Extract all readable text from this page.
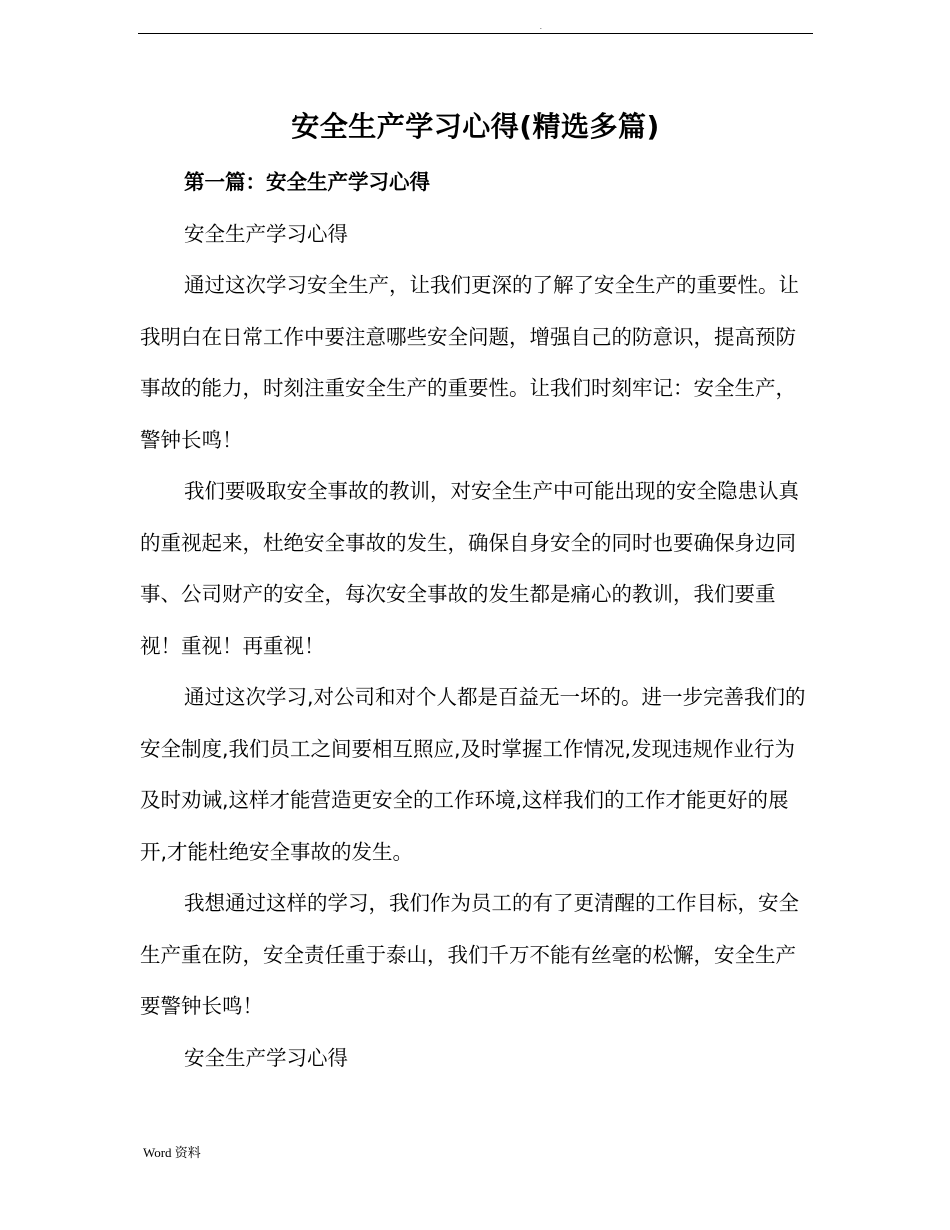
.
安全生产学习心得(精选多篇)

第一篇：安全生产学习心得

安全生产学习心得

通过这次学习安全生产，让我们更深的了解了安全生产的重要性。让我明白在日常工作中要注意哪些安全问题，增强自己的防意识，提高预防事故的能力，时刻注重安全生产的重要性。让我们时刻牢记：安全生产，警钟长鸣！

我们要吸取安全事故的教训，对安全生产中可能出现的安全隐患认真的重视起来，杜绝安全事故的发生，确保自身安全的同时也要确保身边同事、公司财产的安全，每次安全事故的发生都是痛心的教训，我们要重视！重视！再重视！

通过这次学习,对公司和对个人都是百益无一坏的。进一步完善我们的安全制度,我们员工之间要相互照应,及时掌握工作情况,发现违规作业行为及时劝诫,这样才能营造更安全的工作环境,这样我们的工作才能更好的展开,才能杜绝安全事故的发生。

我想通过这样的学习，我们作为员工的有了更清醒的工作目标，安全生产重在防，安全责任重于泰山，我们千万不能有丝毫的松懈，安全生产要警钟长鸣！

安全生产学习心得

Word 资料
